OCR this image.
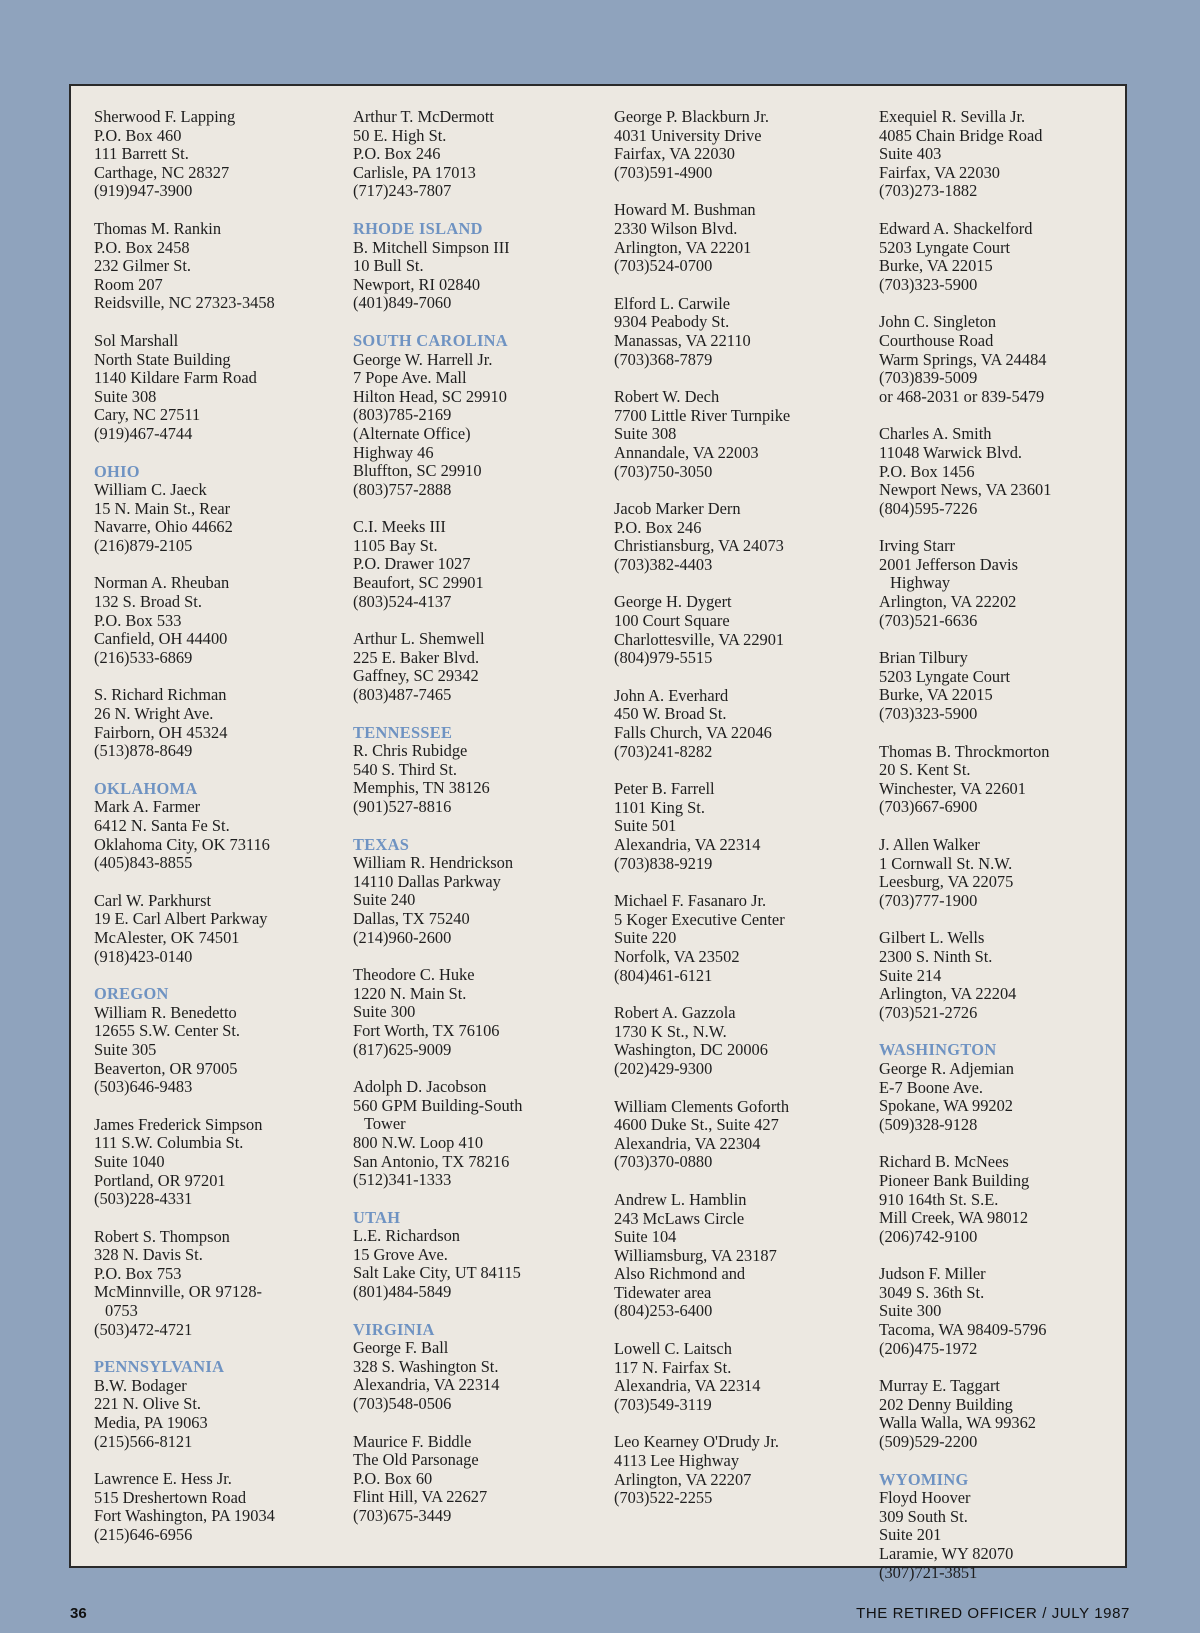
Sherwood F. Lapping
P.O. Box 460
111 Barrett St.
Carthage, NC 28327
(919)947-3900
Thomas M. Rankin
P.O. Box 2458
232 Gilmer St.
Room 207
Reidsville, NC 27323-3458
Sol Marshall
North State Building
1140 Kildare Farm Road
Suite 308
Cary, NC 27511
(919)467-4744
OHIO
William C. Jaeck
15 N. Main St., Rear
Navarre, Ohio 44662
(216)879-2105
Norman A. Rheuban
132 S. Broad St.
P.O. Box 533
Canfield, OH 44400
(216)533-6869
S. Richard Richman
26 N. Wright Ave.
Fairborn, OH 45324
(513)878-8649
OKLAHOMA
Mark A. Farmer
6412 N. Santa Fe St.
Oklahoma City, OK 73116
(405)843-8855
Carl W. Parkhurst
19 E. Carl Albert Parkway
McAlester, OK 74501
(918)423-0140
OREGON
William R. Benedetto
12655 S.W. Center St.
Suite 305
Beaverton, OR 97005
(503)646-9483
James Frederick Simpson
111 S.W. Columbia St.
Suite 1040
Portland, OR 97201
(503)228-4331
Robert S. Thompson
328 N. Davis St.
P.O. Box 753
McMinnville, OR 97128-
0753
(503)472-4721
PENNSYLVANIA
B.W. Bodager
221 N. Olive St.
Media, PA 19063
(215)566-8121
Lawrence E. Hess Jr.
515 Dreshertown Road
Fort Washington, PA 19034
(215)646-6956
Arthur T. McDermott
50 E. High St.
P.O. Box 246
Carlisle, PA 17013
(717)243-7807
RHODE ISLAND
B. Mitchell Simpson III
10 Bull St.
Newport, RI 02840
(401)849-7060
SOUTH CAROLINA
George W. Harrell Jr.
7 Pope Ave. Mall
Hilton Head, SC 29910
(803)785-2169
(Alternate Office)
Highway 46
Bluffton, SC 29910
(803)757-2888
C.I. Meeks III
1105 Bay St.
P.O. Drawer 1027
Beaufort, SC 29901
(803)524-4137
Arthur L. Shemwell
225 E. Baker Blvd.
Gaffney, SC 29342
(803)487-7465
TENNESSEE
R. Chris Rubidge
540 S. Third St.
Memphis, TN 38126
(901)527-8816
TEXAS
William R. Hendrickson
14110 Dallas Parkway
Suite 240
Dallas, TX 75240
(214)960-2600
Theodore C. Huke
1220 N. Main St.
Suite 300
Fort Worth, TX 76106
(817)625-9009
Adolph D. Jacobson
560 GPM Building-South
Tower
800 N.W. Loop 410
San Antonio, TX 78216
(512)341-1333
UTAH
L.E. Richardson
15 Grove Ave.
Salt Lake City, UT 84115
(801)484-5849
VIRGINIA
George F. Ball
328 S. Washington St.
Alexandria, VA 22314
(703)548-0506
Maurice F. Biddle
The Old Parsonage
P.O. Box 60
Flint Hill, VA 22627
(703)675-3449
George P. Blackburn Jr.
4031 University Drive
Fairfax, VA 22030
(703)591-4900
Howard M. Bushman
2330 Wilson Blvd.
Arlington, VA 22201
(703)524-0700
Elford L. Carwile
9304 Peabody St.
Manassas, VA 22110
(703)368-7879
Robert W. Dech
7700 Little River Turnpike
Suite 308
Annandale, VA 22003
(703)750-3050
Jacob Marker Dern
P.O. Box 246
Christiansburg, VA 24073
(703)382-4403
George H. Dygert
100 Court Square
Charlottesville, VA 22901
(804)979-5515
John A. Everhard
450 W. Broad St.
Falls Church, VA 22046
(703)241-8282
Peter B. Farrell
1101 King St.
Suite 501
Alexandria, VA 22314
(703)838-9219
Michael F. Fasanaro Jr.
5 Koger Executive Center
Suite 220
Norfolk, VA 23502
(804)461-6121
Robert A. Gazzola
1730 K St., N.W.
Washington, DC 20006
(202)429-9300
William Clements Goforth
4600 Duke St., Suite 427
Alexandria, VA 22304
(703)370-0880
Andrew L. Hamblin
243 McLaws Circle
Suite 104
Williamsburg, VA 23187
Also Richmond and
Tidewater area
(804)253-6400
Lowell C. Laitsch
117 N. Fairfax St.
Alexandria, VA 22314
(703)549-3119
Leo Kearney O'Drudy Jr.
4113 Lee Highway
Arlington, VA 22207
(703)522-2255
Exequiel R. Sevilla Jr.
4085 Chain Bridge Road
Suite 403
Fairfax, VA 22030
(703)273-1882
Edward A. Shackelford
5203 Lyngate Court
Burke, VA 22015
(703)323-5900
John C. Singleton
Courthouse Road
Warm Springs, VA 24484
(703)839-5009
or 468-2031 or 839-5479
Charles A. Smith
11048 Warwick Blvd.
P.O. Box 1456
Newport News, VA 23601
(804)595-7226
Irving Starr
2001 Jefferson Davis
Highway
Arlington, VA 22202
(703)521-6636
Brian Tilbury
5203 Lyngate Court
Burke, VA 22015
(703)323-5900
Thomas B. Throckmorton
20 S. Kent St.
Winchester, VA 22601
(703)667-6900
J. Allen Walker
1 Cornwall St. N.W.
Leesburg, VA 22075
(703)777-1900
Gilbert L. Wells
2300 S. Ninth St.
Suite 214
Arlington, VA 22204
(703)521-2726
WASHINGTON
George R. Adjemian
E-7 Boone Ave.
Spokane, WA 99202
(509)328-9128
Richard B. McNees
Pioneer Bank Building
910 164th St. S.E.
Mill Creek, WA 98012
(206)742-9100
Judson F. Miller
3049 S. 36th St.
Suite 300
Tacoma, WA 98409-5796
(206)475-1972
Murray E. Taggart
202 Denny Building
Walla Walla, WA 99362
(509)529-2200
WYOMING
Floyd Hoover
309 South St.
Suite 201
Laramie, WY 82070
(307)721-3851
36	THE RETIRED OFFICER / JULY 1987
